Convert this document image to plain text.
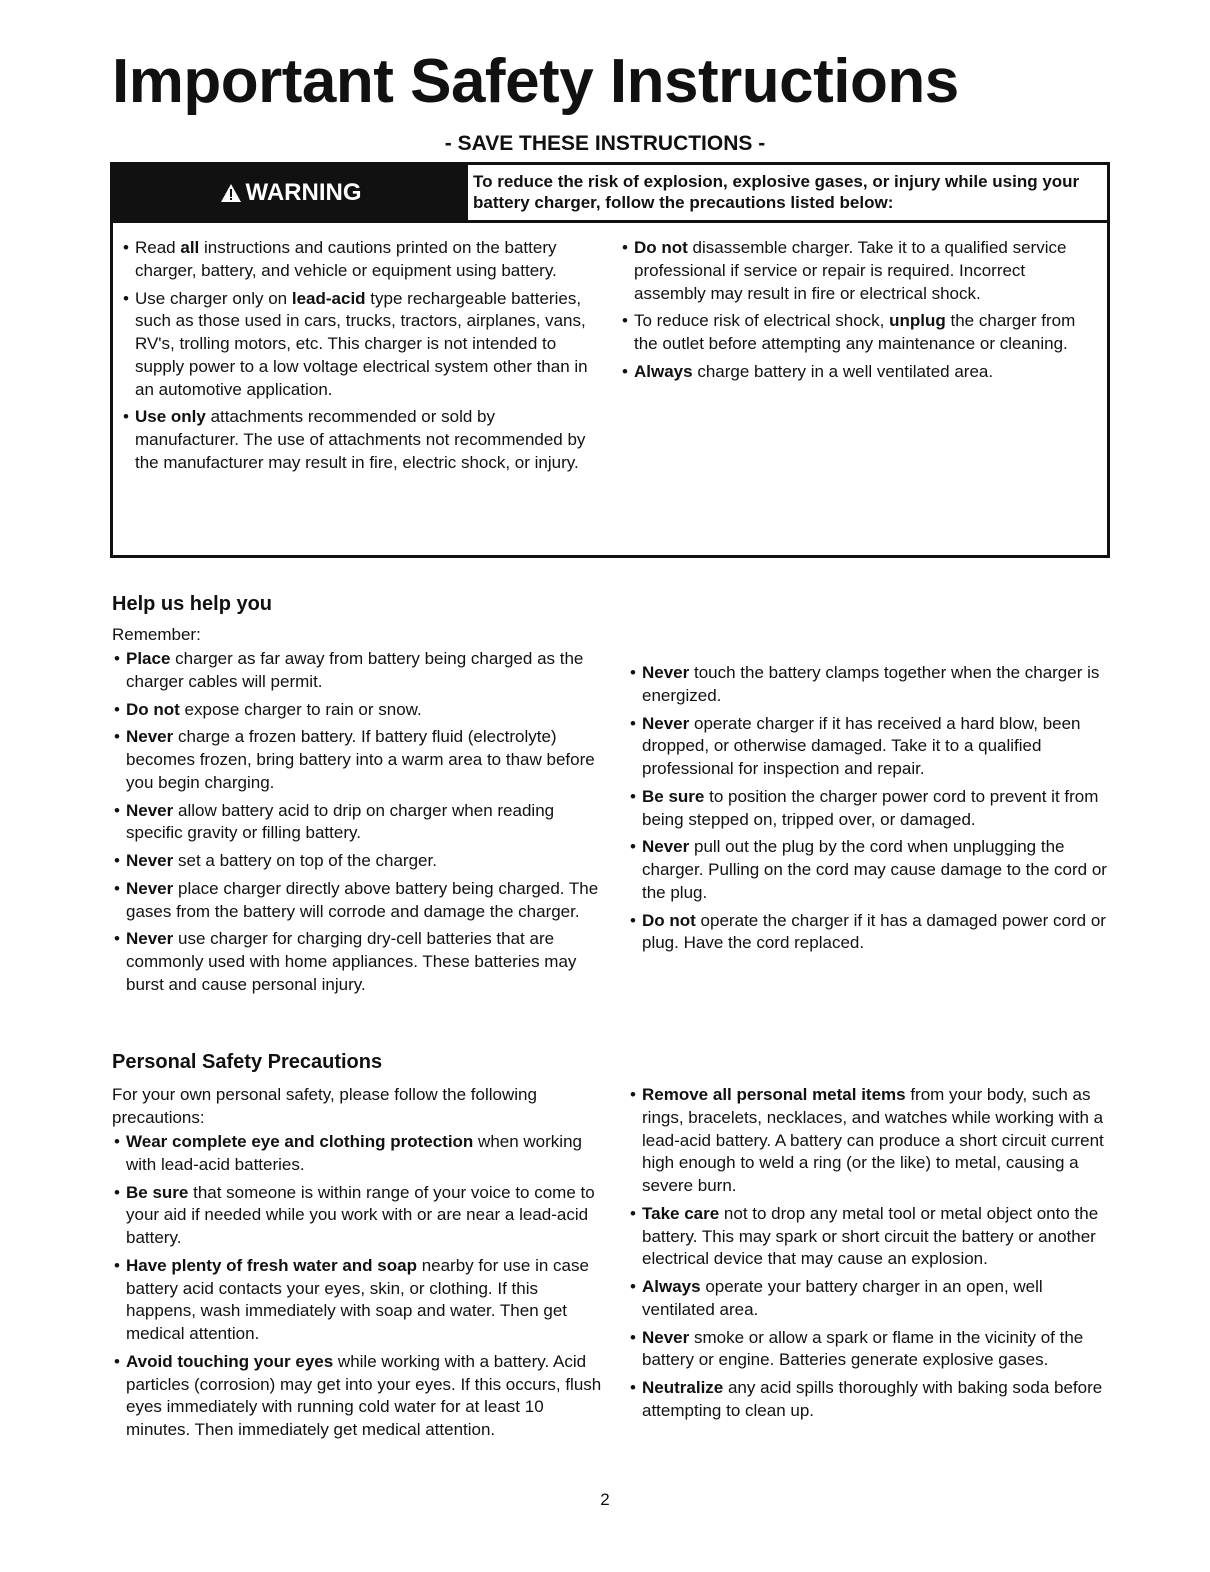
Important Safety Instructions
- SAVE THESE INSTRUCTIONS -
WARNING	To reduce the risk of explosion, explosive gases, or injury while using your battery charger, follow the precautions listed below:
• Read all instructions and cautions printed on the battery charger, battery, and vehicle or equipment using battery.
• Use charger only on lead-acid type rechargeable batteries, such as those used in cars, trucks, tractors, airplanes, vans, RV's, trolling motors, etc. This charger is not intended to supply power to a low voltage electrical system other than in an automotive application.
• Use only attachments recommended or sold by manufacturer. The use of attachments not recommended by the manufacturer may result in fire, electric shock, or injury.
• Do not disassemble charger. Take it to a qualified service professional if service or repair is required. Incorrect assembly may result in fire or electrical shock.
• To reduce risk of electrical shock, unplug the charger from the outlet before attempting any maintenance or cleaning.
• Always charge battery in a well ventilated area.
Help us help you
Remember:
• Place charger as far away from battery being charged as the charger cables will permit.
• Do not expose charger to rain or snow.
• Never charge a frozen battery. If battery fluid (electrolyte) becomes frozen, bring battery into a warm area to thaw before you begin charging.
• Never allow battery acid to drip on charger when reading specific gravity or filling battery.
• Never set a battery on top of the charger.
• Never place charger directly above battery being charged. The gases from the battery will corrode and damage the charger.
• Never use charger for charging dry-cell batteries that are commonly used with home appliances. These batteries may burst and cause personal injury.
• Never touch the battery clamps together when the charger is energized.
• Never operate charger if it has received a hard blow, been dropped, or otherwise damaged. Take it to a qualified professional for inspection and repair.
• Be sure to position the charger power cord to prevent it from being stepped on, tripped over, or damaged.
• Never pull out the plug by the cord when unplugging the charger. Pulling on the cord may cause damage to the cord or the plug.
• Do not operate the charger if it has a damaged power cord or plug. Have the cord replaced.
Personal Safety Precautions
For your own personal safety, please follow the following precautions:
• Wear complete eye and clothing protection when working with lead-acid batteries.
• Be sure that someone is within range of your voice to come to your aid if needed while you work with or are near a lead-acid battery.
• Have plenty of fresh water and soap nearby for use in case battery acid contacts your eyes, skin, or clothing. If this happens, wash immediately with soap and water. Then get medical attention.
• Avoid touching your eyes while working with a battery. Acid particles (corrosion) may get into your eyes. If this occurs, flush eyes immediately with running cold water for at least 10 minutes. Then immediately get medical attention.
• Remove all personal metal items from your body, such as rings, bracelets, necklaces, and watches while working with a lead-acid battery. A battery can produce a short circuit current high enough to weld a ring (or the like) to metal, causing a severe burn.
• Take care not to drop any metal tool or metal object onto the battery. This may spark or short circuit the battery or another electrical device that may cause an explosion.
• Always operate your battery charger in an open, well ventilated area.
• Never smoke or allow a spark or flame in the vicinity of the battery or engine. Batteries generate explosive gases.
• Neutralize any acid spills thoroughly with baking soda before attempting to clean up.
2
